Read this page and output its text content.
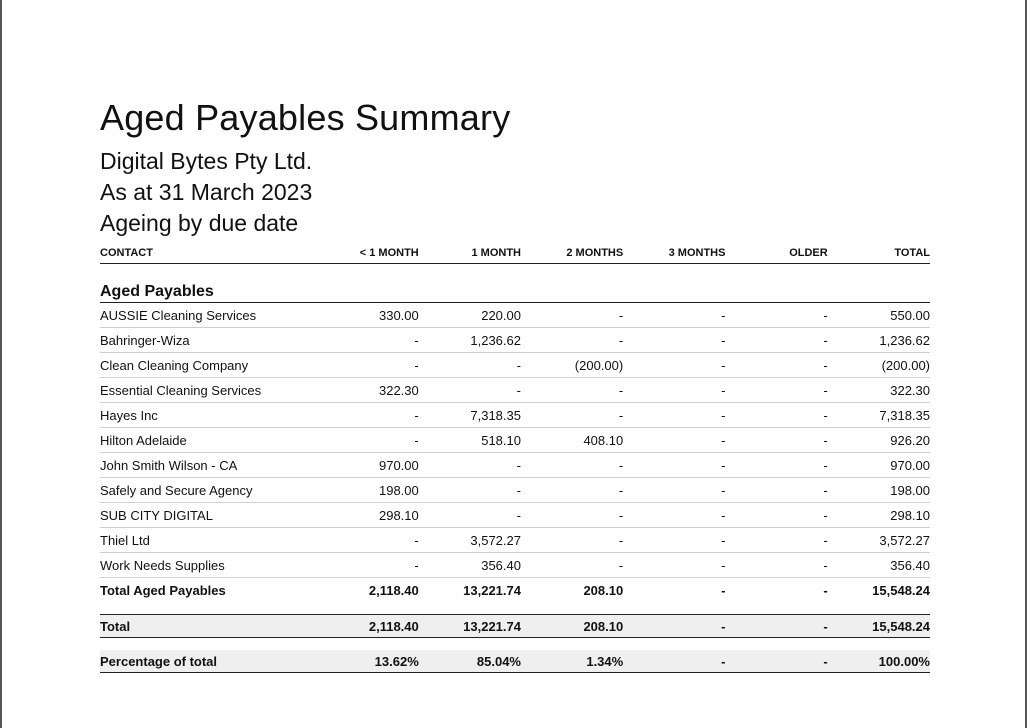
Aged Payables Summary
Digital Bytes Pty Ltd.
As at 31 March 2023
Ageing by due date
CONTACT	< 1 MONTH	1 MONTH	2 MONTHS	3 MONTHS	OLDER	TOTAL

Aged Payables						
AUSSIE Cleaning Services	330.00	220.00	-	-	-	550.00
Bahringer-Wiza	-	1,236.62	-	-	-	1,236.62
Clean Cleaning Company	-	-	(200.00)	-	-	(200.00)
Essential Cleaning Services	322.30	-	-	-	-	322.30
Hayes Inc	-	7,318.35	-	-	-	7,318.35
Hilton Adelaide	-	518.10	408.10	-	-	926.20
John Smith Wilson - CA	970.00	-	-	-	-	970.00
Safely and Secure Agency	198.00	-	-	-	-	198.00
SUB CITY DIGITAL	298.10	-	-	-	-	298.10
Thiel Ltd	-	3,572.27	-	-	-	3,572.27
Work Needs Supplies	-	356.40	-	-	-	356.40
Total Aged Payables	2,118.40	13,221.74	208.10	-	-	15,548.24

Total	2,118.40	13,221.74	208.10	-	-	15,548.24

Percentage of total	13.62%	85.04%	1.34%	-	-	100.00%
